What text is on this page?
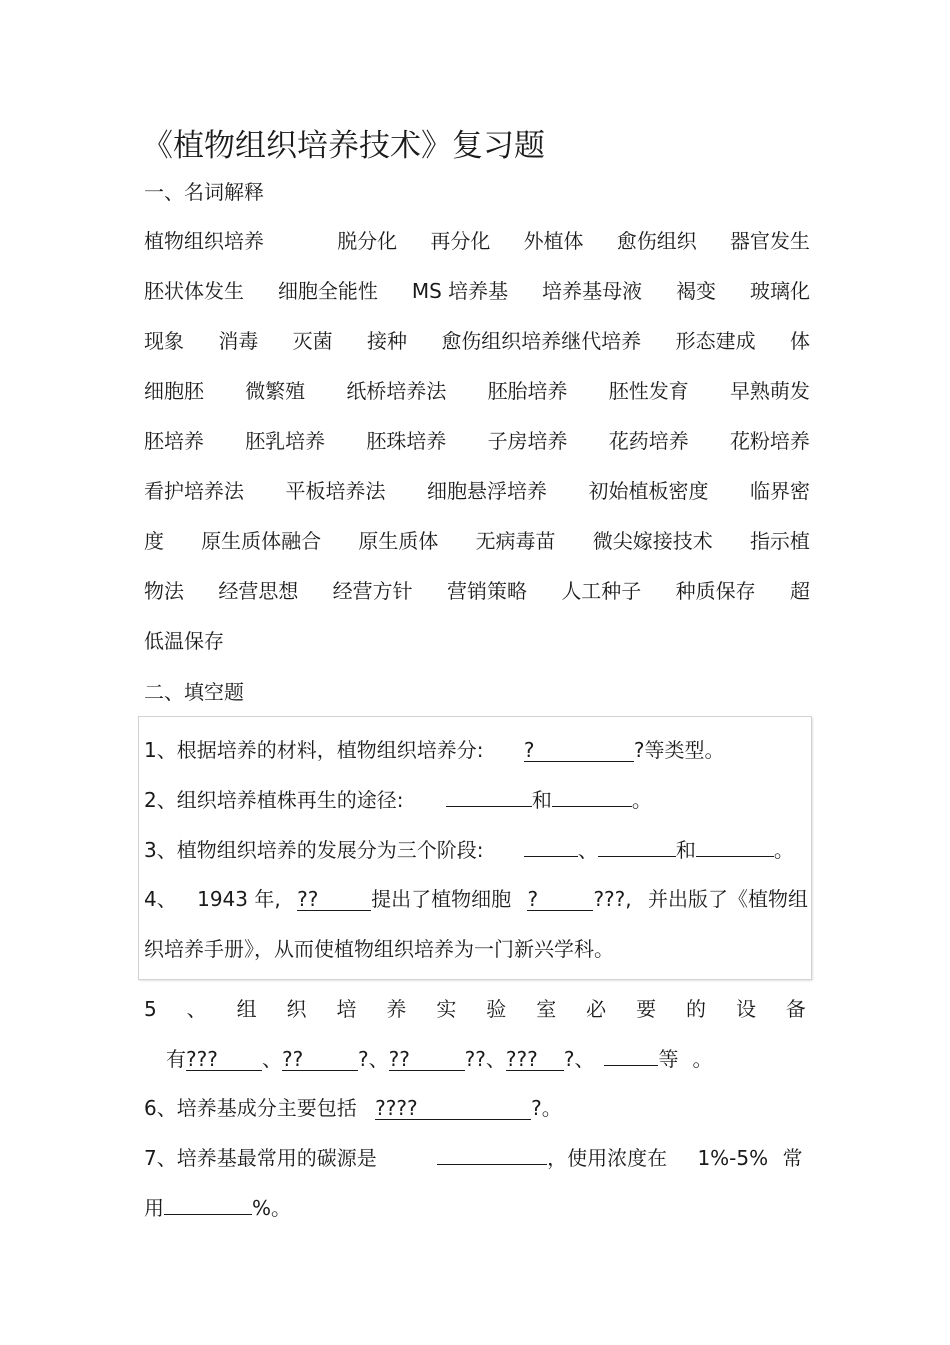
《植物组织培养技术》复习题
一、名词解释
植物组织培养	脱分化 再分化 外植体 愈伤组织 器官发生
胚状体发生 细胞全能性 MS 培养基 培养基母液 褐变 玻璃化
现象 消毒 灭菌 接种 愈伤组织培养继代培养 形态建成 体
细胞胚 微繁殖 纸桥培养法 胚胎培养 胚性发育 早熟萌发
胚培养 胚乳培养 胚珠培养 子房培养 花药培养 花粉培养
看护培养法 平板培养法 细胞悬浮培养 初始植板密度 临界密
度 原生质体融合 原生质体 无病毒苗 微尖嫁接技术 指示植
物法 经营思想 经营方针 营销策略 人工种子 种质保存 超
低温保存
二、填空题
1、根据培养的材料，植物组织培养分: ?	?等类型。
2、组织培养植株再生的途径:	和	。
3、植物组织培养的发展分为三个阶段:	、	和	。
4、 1943 年, ??	提出了植物细胞 ?	???, 并出版了《植物组
织培养手册》，从而使植物组织培养为一门新兴学科。
5 、 组 织 培 养 实 验 室 必 要 的 设 备
有??? 、??	?、??	??、??? ?、	等 。
6、培养基成分主要包括 ????	?。
7、培养基最常用的碳源是	，使用浓度在 1%-5% 常
用	%。
